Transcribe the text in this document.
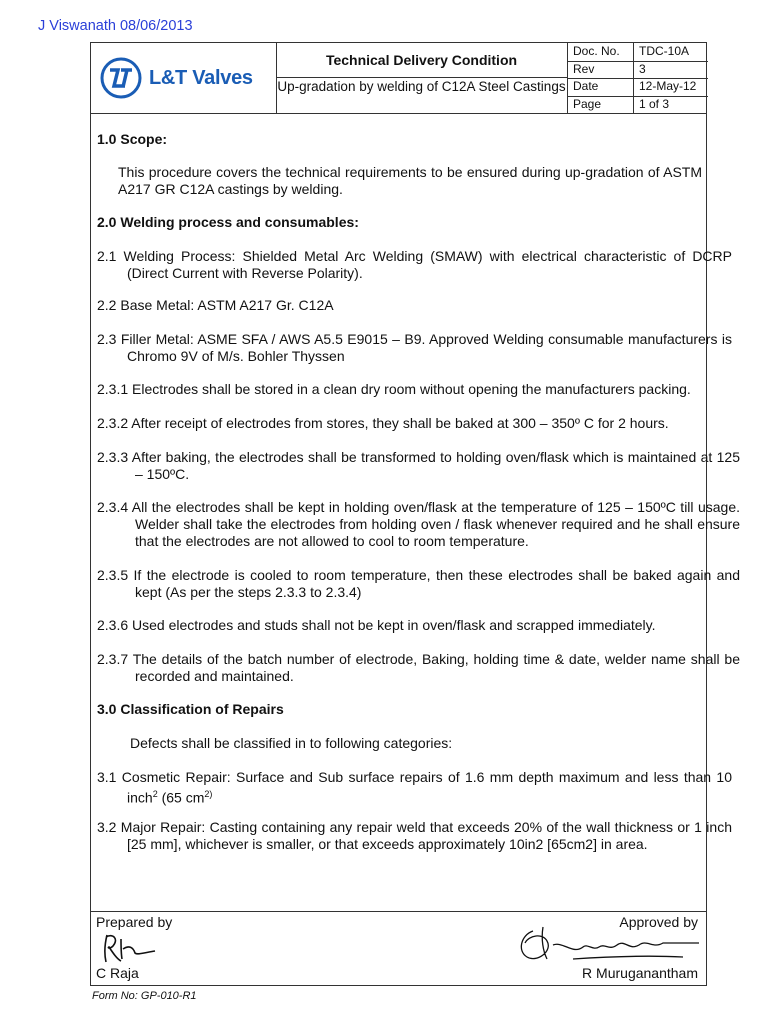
J Viswanath 08/06/2013
L&T Valves
Technical Delivery Condition
Up-gradation by welding of C12A Steel Castings
Doc. No. TDC-10A
Rev	3
Date	12-May-12
Page	1 of 3
1.0 Scope:
This procedure covers the technical requirements to be ensured during up-gradation of ASTM A217 GR C12A castings by welding.
2.0 Welding process and consumables:
2.1 Welding Process: Shielded Metal Arc Welding (SMAW) with electrical characteristic of DCRP (Direct Current with Reverse Polarity).
2.2 Base Metal: ASTM A217 Gr. C12A
2.3 Filler Metal: ASME SFA / AWS A5.5 E9015 – B9. Approved Welding consumable manufacturers is Chromo 9V of M/s. Bohler Thyssen
2.3.1 Electrodes shall be stored in a clean dry room without opening the manufacturers packing.
2.3.2 After receipt of electrodes from stores, they shall be baked at 300 – 350º C for 2 hours.
2.3.3 After baking, the electrodes shall be transformed to holding oven/flask which is maintained at 125 – 150ºC.
2.3.4 All the electrodes shall be kept in holding oven/flask at the temperature of 125 – 150ºC till usage. Welder shall take the electrodes from holding oven / flask whenever required and he shall ensure that the electrodes are not allowed to cool to room temperature.
2.3.5 If the electrode is cooled to room temperature, then these electrodes shall be baked again and kept (As per the steps 2.3.3 to 2.3.4)
2.3.6 Used electrodes and studs shall not be kept in oven/flask and scrapped immediately.
2.3.7 The details of the batch number of electrode, Baking, holding time & date, welder name shall be recorded and maintained.
3.0 Classification of Repairs
Defects shall be classified in to following categories:
3.1 Cosmetic Repair: Surface and Sub surface repairs of 1.6 mm depth maximum and less than 10 inch$^2$ (65 $cm^{2)}$
3.2 Major Repair: Casting containing any repair weld that exceeds 20% of the wall thickness or 1 inch [25 mm], whichever is smaller, or that exceeds approximately 10in2 [65cm2] in area.
Prepared by	Approved by
C Raja	R Muruganantham
Form No: GP-010-R1
